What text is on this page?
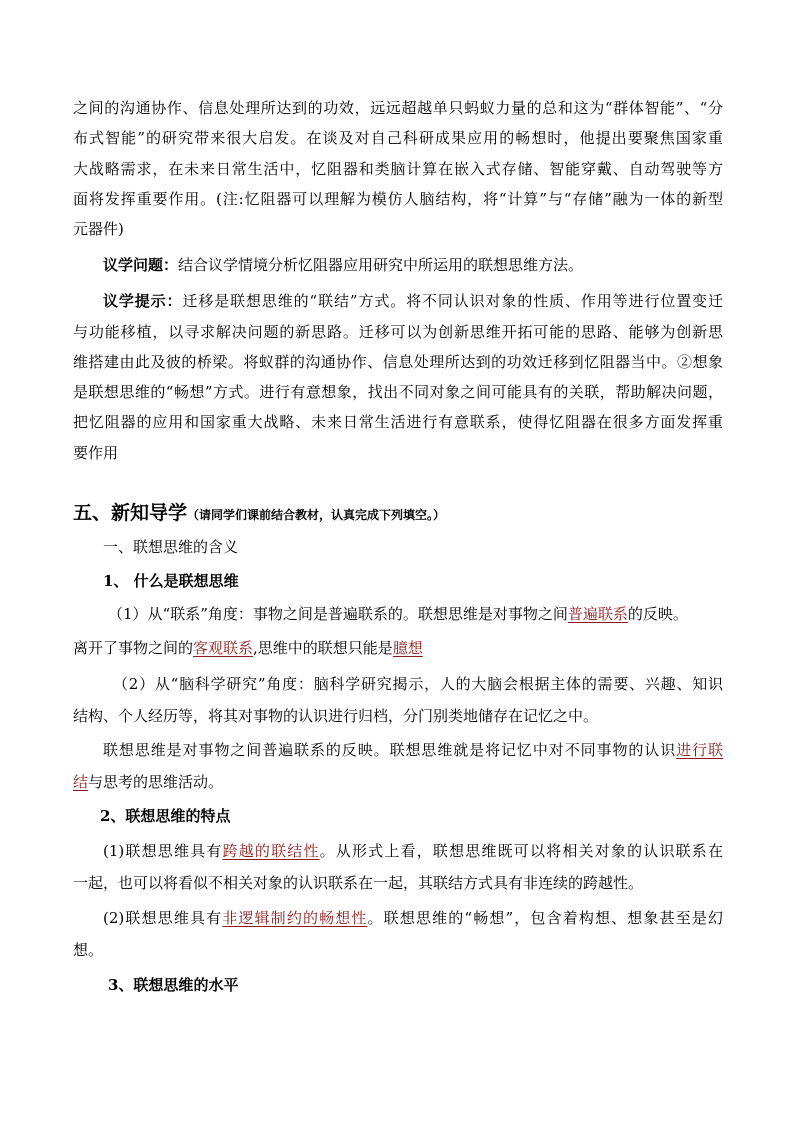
之间的沟通协作、信息处理所达到的功效，远远超越单只蚂蚁力量的总和这为“群体智能”、“分
布式智能”的研究带来很大启发。在谈及对自己科研成果应用的畅想时，他提出要聚焦国家重
大战略需求，在未来日常生活中，忆阻器和类脑计算在嵌入式存储、智能穿戴、自动驾驶等方
面将发挥重要作用。(注:忆阻器可以理解为模仿人脑结构，将“计算”与“存储”融为一体的新型
元器件)
议学问题：结合议学情境分析忆阻器应用研究中所运用的联想思维方法。
议学提示：迁移是联想思维的“联结”方式。将不同认识对象的性质、作用等进行位置变迁
与功能移植，以寻求解决问题的新思路。迁移可以为创新思维开拓可能的思路、能够为创新思
维搭建由此及彼的桥梁。将蚁群的沟通协作、信息处理所达到的功效迁移到忆阻器当中。②想象
是联想思维的“畅想”方式。进行有意想象，找出不同对象之间可能具有的关联，帮助解决问题，
把忆阻器的应用和国家重大战略、未来日常生活进行有意联系，使得忆阻器在很多方面发挥重
要作用
五、新知导学（请同学们课前结合教材，认真完成下列填空。）
一、联想思维的含义
1、 什么是联想思维
（1）从“联系”角度：事物之间是普遍联系的。联想思维是对事物之间普遍联系的反映。
离开了事物之间的客观联系,思维中的联想只能是臆想
（2）从“脑科学研究”角度：脑科学研究揭示，人的大脑会根据主体的需要、兴趣、知识
结构、个人经历等，将其对事物的认识进行归档，分门别类地储存在记忆之中。
联想思维是对事物之间普遍联系的反映。联想思维就是将记忆中对不同事物的认识进行联
结与思考的思维活动。
2、联想思维的特点
(1)联想思维具有跨越的联结性。从形式上看，联想思维既可以将相关对象的认识联系在
一起，也可以将看似不相关对象的认识联系在一起，其联结方式具有非连续的跨越性。
(2)联想思维具有非逻辑制约的畅想性。联想思维的“畅想”，包含着构想、想象甚至是幻
想。
3、联想思维的水平
